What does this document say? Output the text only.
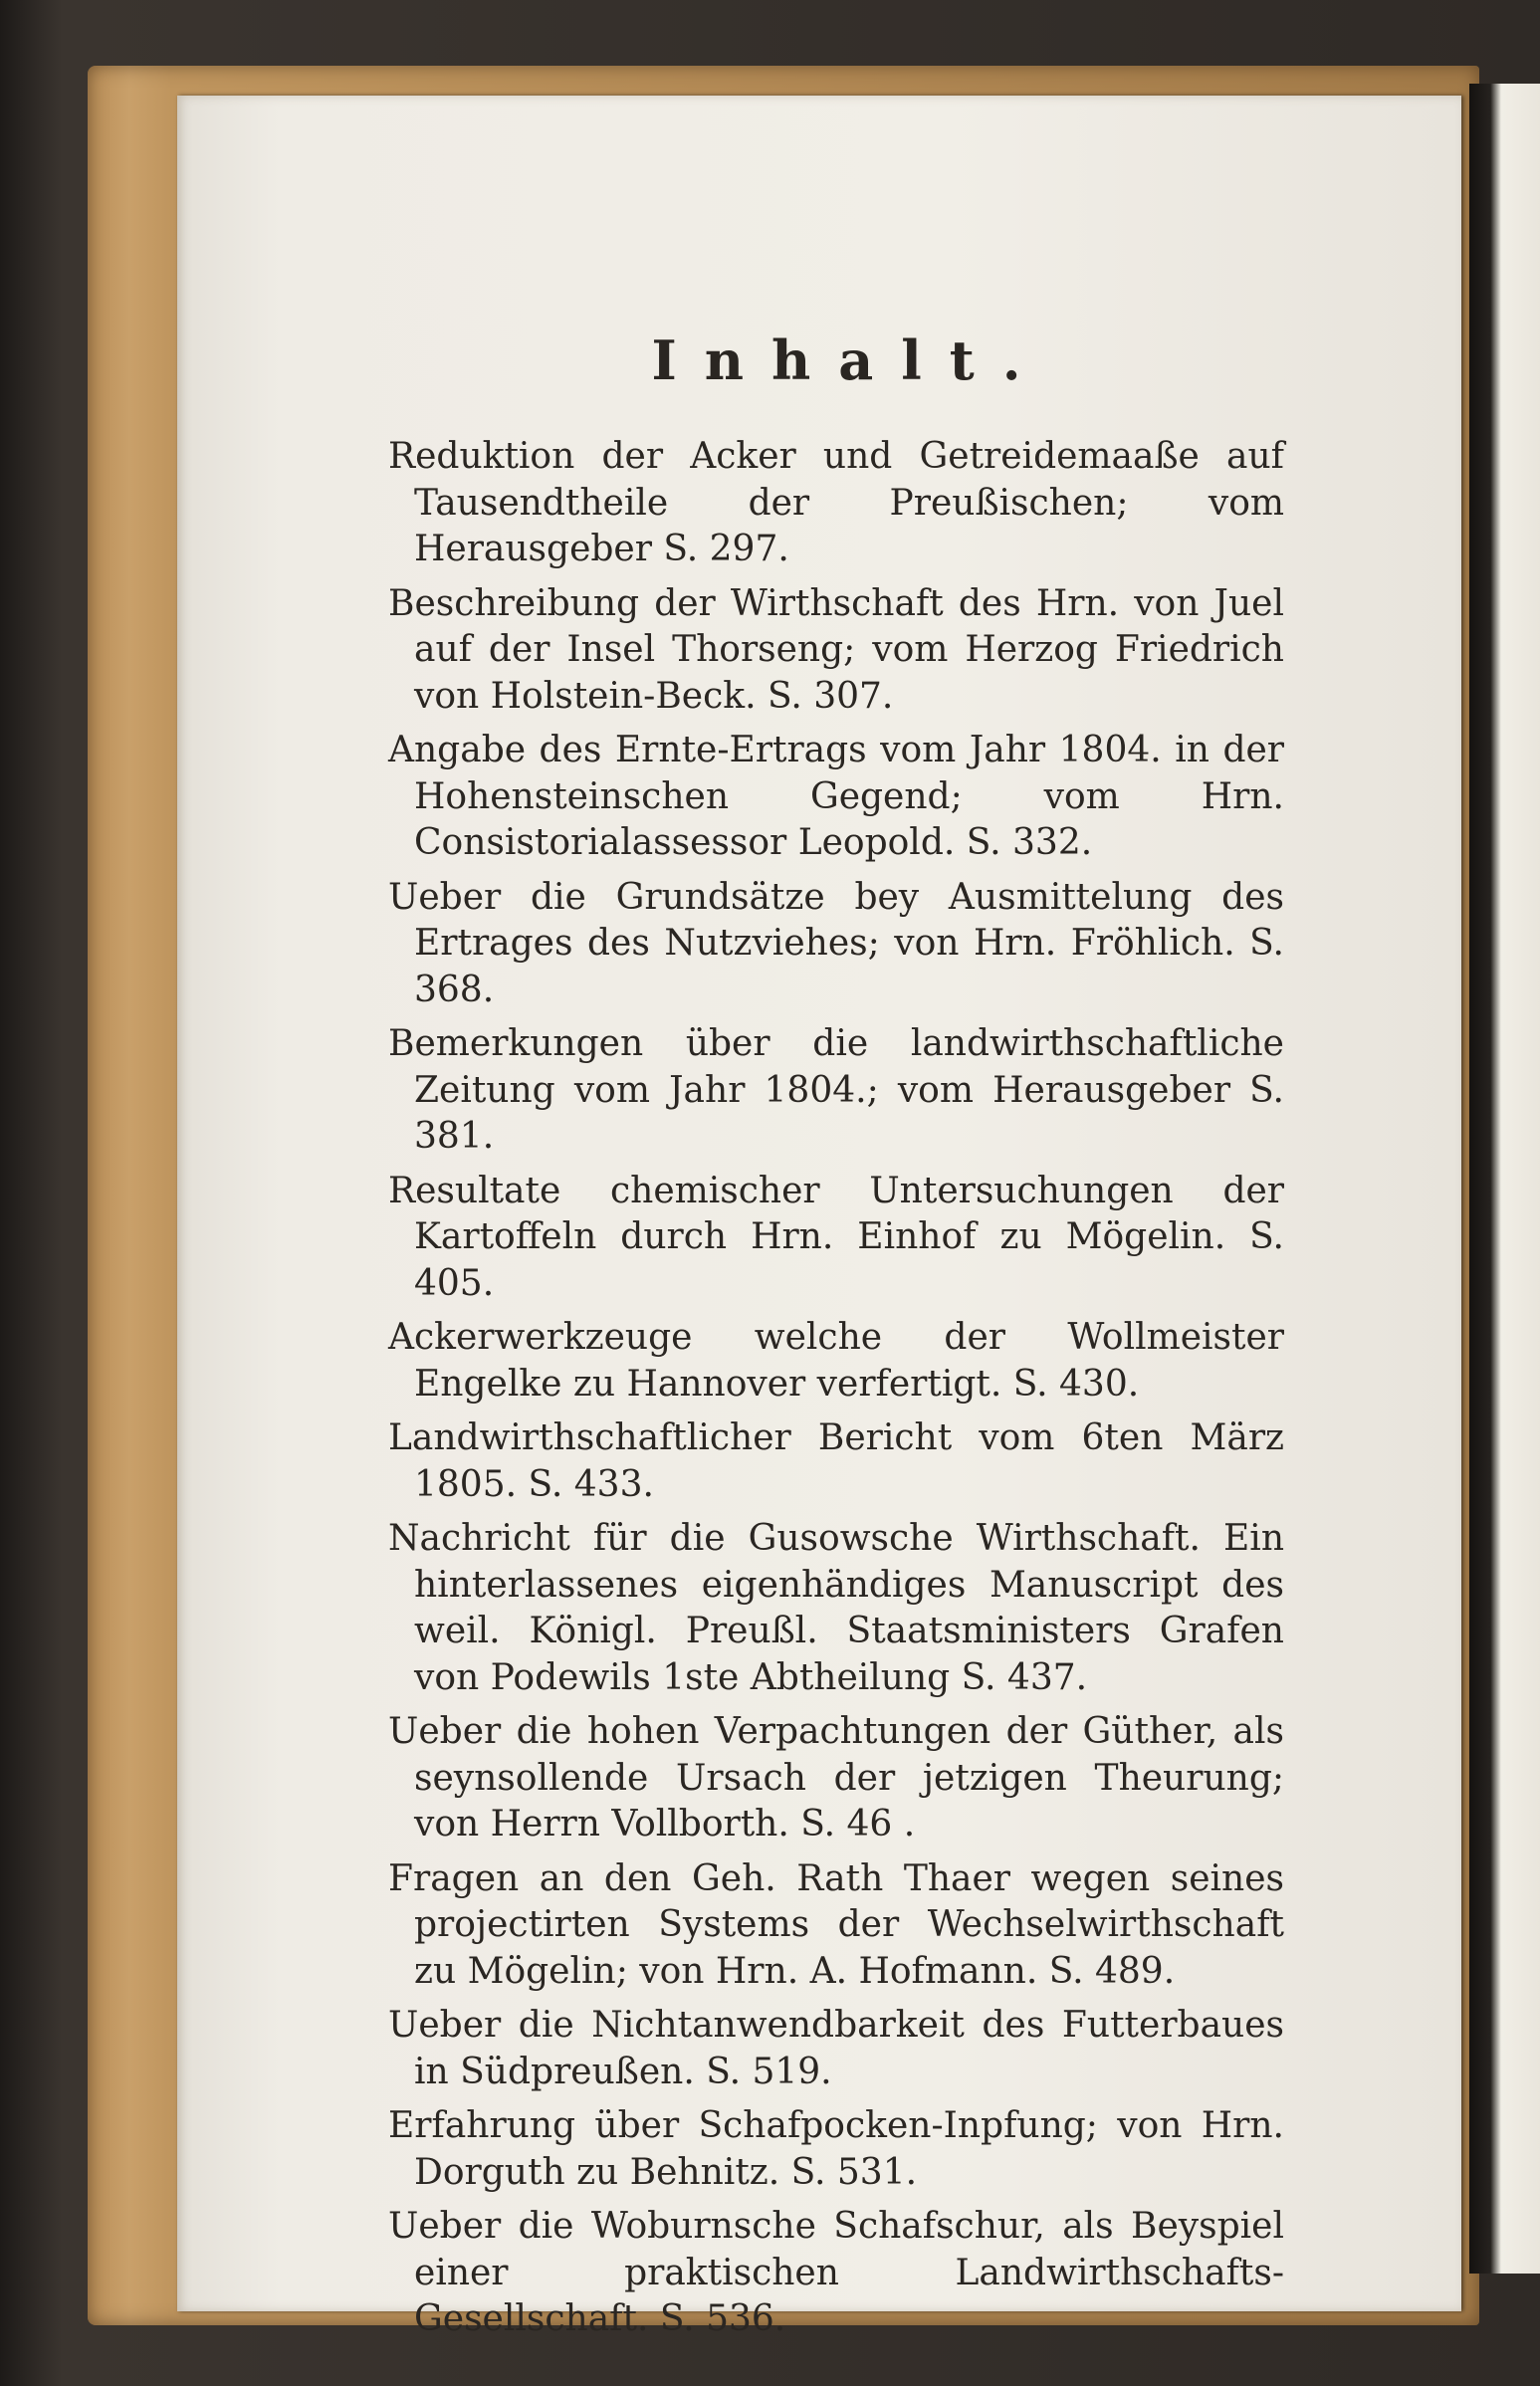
Inhalt.
Reduktion der Acker und Getreidemaaße auf Tausendtheile der Preußischen; vom Herausgeber S. 297.
Beschreibung der Wirthschaft des Hrn. von Juel auf der Insel Thorseng; vom Herzog Friedrich von Holstein-Beck. S. 307.
Angabe des Ernte-Ertrags vom Jahr 1804. in der Hohensteinschen Gegend; vom Hrn. Consistorialassessor Leopold. S. 332.
Ueber die Grundsätze bey Ausmittelung des Ertrages des Nutzviehes; von Hrn. Fröhlich. S. 368.
Bemerkungen über die landwirthschaftliche Zeitung vom Jahr 1804.; vom Herausgeber S. 381.
Resultate chemischer Untersuchungen der Kartoffeln durch Hrn. Einhof zu Mögelin. S. 405.
Ackerwerkzeuge welche der Wollmeister Engelke zu Hannover verfertigt. S. 430.
Landwirthschaftlicher Bericht vom 6ten März 1805. S. 433.
Nachricht für die Gusowsche Wirthschaft. Ein hinterlassenes eigenhändiges Manuscript des weil. Königl. Preußl. Staatsministers Grafen von Podewils 1ste Abtheilung S. 437.
Ueber die hohen Verpachtungen der Güther, als seynsollende Ursach der jetzigen Theurung; von Herrn Vollborth. S. 46 .
Fragen an den Geh. Rath Thaer wegen seines projectirten Systems der Wechselwirthschaft zu Mögelin; von Hrn. A. Hofmann. S. 489.
Ueber die Nichtanwendbarkeit des Futterbaues in Südpreußen. S. 519.
Erfahrung über Schafpocken-Inpfung; von Hrn. Dorguth zu Behnitz. S. 531.
Ueber die Woburnsche Schafschur, als Beyspiel einer praktischen Landwirthschafts-Gesellschaft. S. 536.
